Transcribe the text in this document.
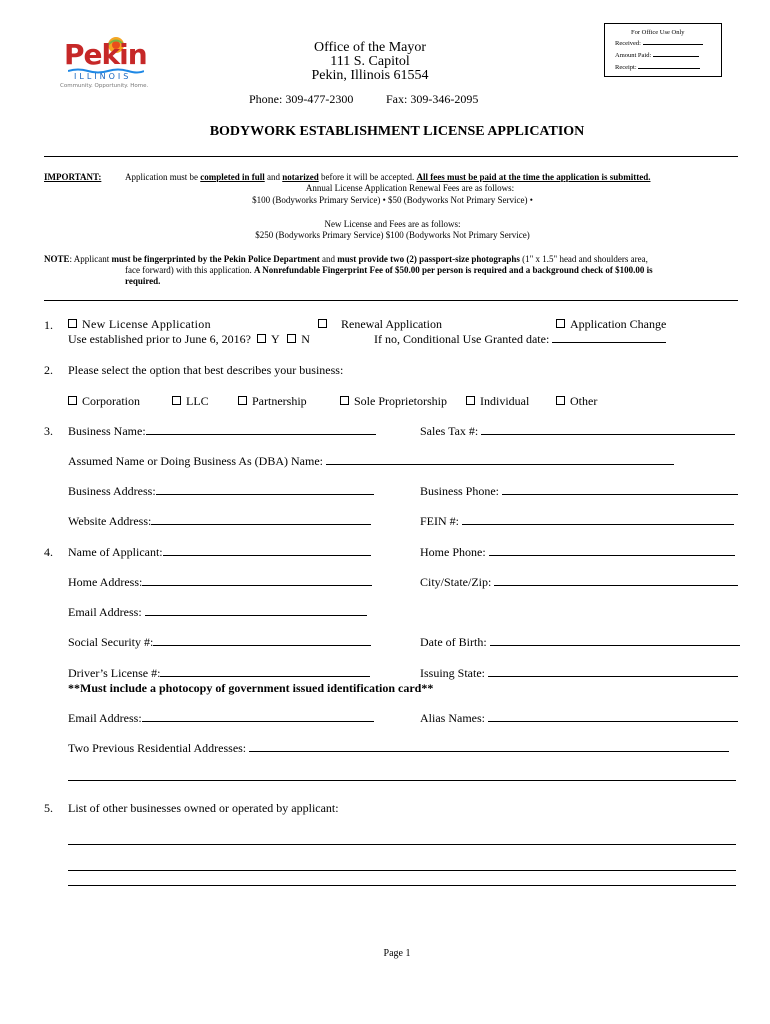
Pekin
ILLINOIS
Community. Opportunity. Home.
For Office Use Only
Received:
Amount Paid:
Receipt:
Office of the Mayor
111 S. Capitol
Pekin, Illinois 61554
Phone: 309-477-2300	Fax: 309-346-2095
BODYWORK ESTABLISHMENT LICENSE APPLICATION
IMPORTANT:	Application must be completed in full and notarized before it will be accepted. All fees must be paid at the time the application is submitted.
Annual License Application Renewal Fees are as follows:
$100 (Bodyworks Primary Service) • $50 (Bodyworks Not Primary Service) •
New License and Fees are as follows:
$250 (Bodyworks Primary Service) $100 (Bodyworks Not Primary Service)
NOTE: Applicant must be fingerprinted by the Pekin Police Department and must provide two (2) passport-size photographs (1" x 1.5" head and shoulders area,
face forward) with this application. A Nonrefundable Fingerprint Fee of $50.00 per person is required and a background check of $100.00 is
required.
1.	New License Application	Renewal Application	Application Change
Use established prior to June 6, 2016? Y N	If no, Conditional Use Granted date:
2. Please select the option that best describes your business:
Corporation	LLC	Partnership	Sole Proprietorship	Individual	Other
3. Business Name:	Sales Tax #:
Assumed Name or Doing Business As (DBA) Name:
Business Address:	Business Phone:
Website Address:	FEIN #:
4. Name of Applicant:	Home Phone:
Home Address:	City/State/Zip:
Email Address:
Social Security #:	Date of Birth:
Driver’s License #:	Issuing State:
**Must include a photocopy of government issued identification card**
Email Address:	Alias Names:
Two Previous Residential Addresses:
5. List of other businesses owned or operated by applicant:
Page 1
